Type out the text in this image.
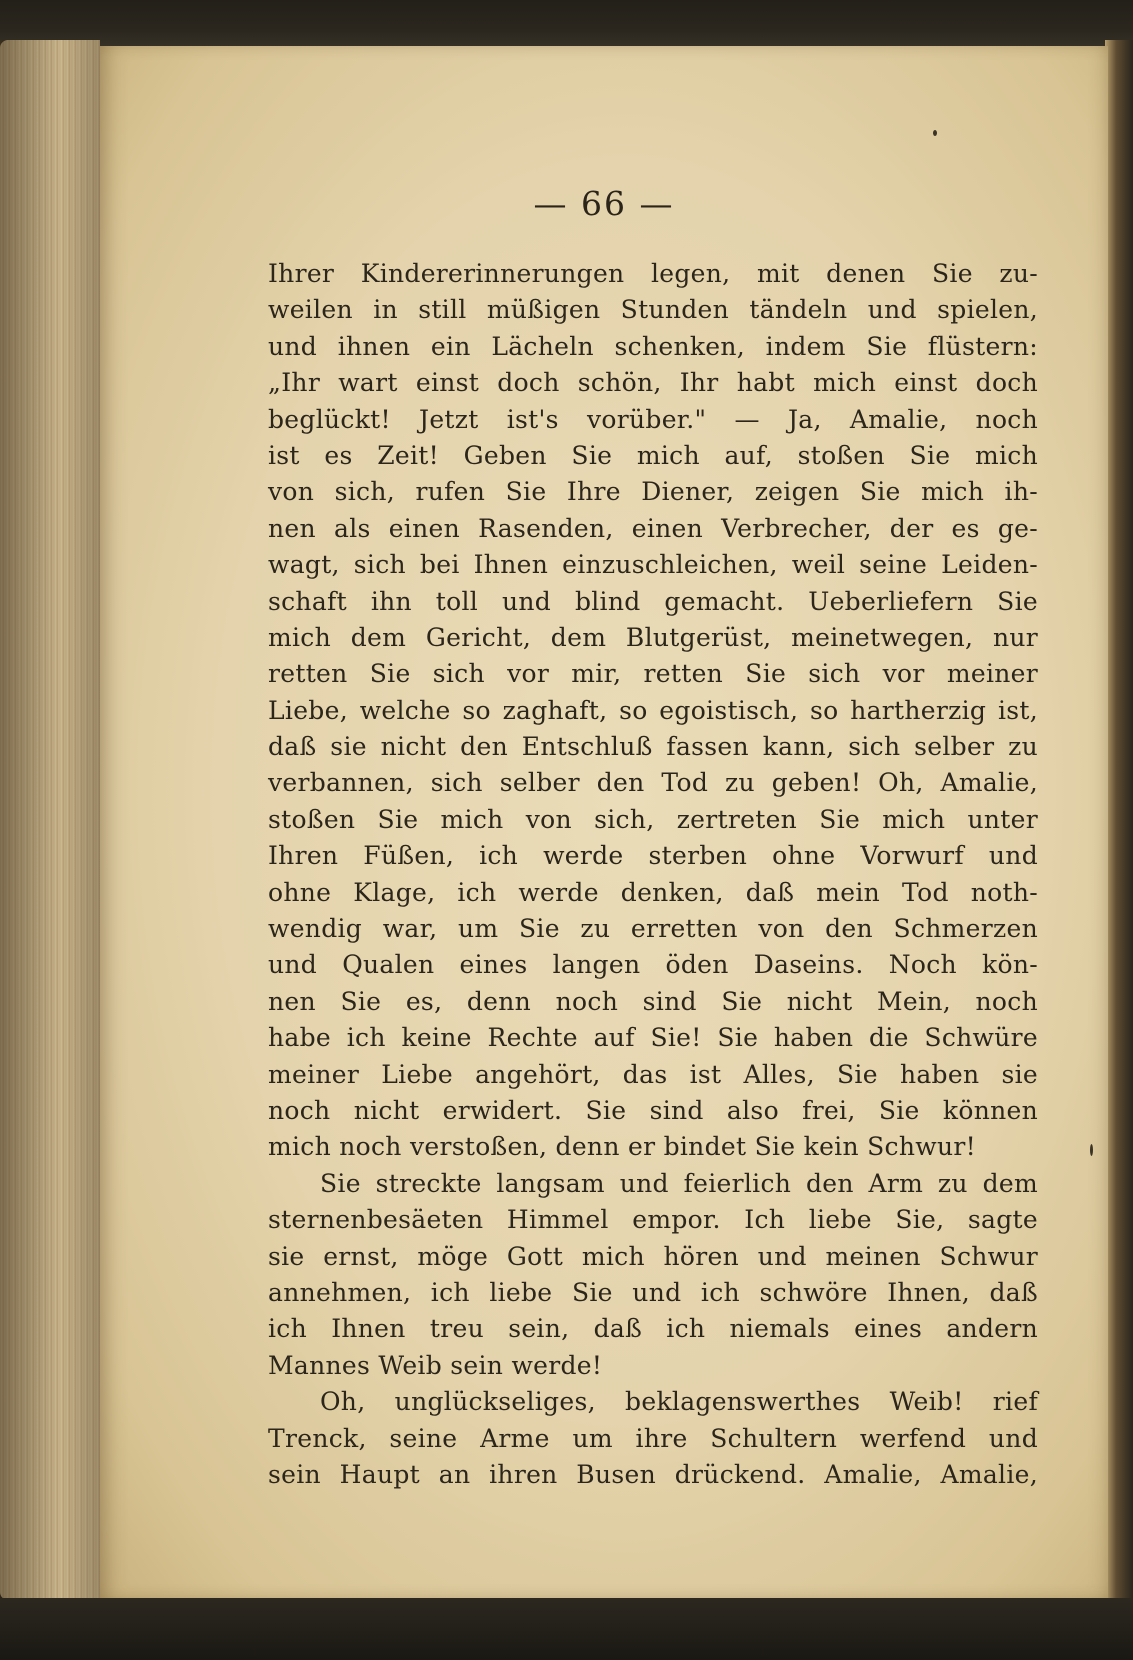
— 66 —
Ihrer Kindererinnerungen legen, mit denen Sie zu-
weilen in still müßigen Stunden tändeln und spielen,
und ihnen ein Lächeln schenken, indem Sie flüstern:
„Ihr wart einst doch schön, Ihr habt mich einst doch
beglückt! Jetzt ist's vorüber." — Ja, Amalie, noch
ist es Zeit! Geben Sie mich auf, stoßen Sie mich
von sich, rufen Sie Ihre Diener, zeigen Sie mich ih-
nen als einen Rasenden, einen Verbrecher, der es ge-
wagt, sich bei Ihnen einzuschleichen, weil seine Leiden-
schaft ihn toll und blind gemacht. Ueberliefern Sie
mich dem Gericht, dem Blutgerüst, meinetwegen, nur
retten Sie sich vor mir, retten Sie sich vor meiner
Liebe, welche so zaghaft, so egoistisch, so hartherzig ist,
daß sie nicht den Entschluß fassen kann, sich selber zu
verbannen, sich selber den Tod zu geben! Oh, Amalie,
stoßen Sie mich von sich, zertreten Sie mich unter
Ihren Füßen, ich werde sterben ohne Vorwurf und
ohne Klage, ich werde denken, daß mein Tod noth-
wendig war, um Sie zu erretten von den Schmerzen
und Qualen eines langen öden Daseins. Noch kön-
nen Sie es, denn noch sind Sie nicht Mein, noch
habe ich keine Rechte auf Sie! Sie haben die Schwüre
meiner Liebe angehört, das ist Alles, Sie haben sie
noch nicht erwidert. Sie sind also frei, Sie können
mich noch verstoßen, denn er bindet Sie kein Schwur!
Sie streckte langsam und feierlich den Arm zu dem
sternenbesäeten Himmel empor. Ich liebe Sie, sagte
sie ernst, möge Gott mich hören und meinen Schwur
annehmen, ich liebe Sie und ich schwöre Ihnen, daß
ich Ihnen treu sein, daß ich niemals eines andern
Mannes Weib sein werde!
Oh, unglückseliges, beklagenswerthes Weib! rief
Trenck, seine Arme um ihre Schultern werfend und
sein Haupt an ihren Busen drückend. Amalie, Amalie,
